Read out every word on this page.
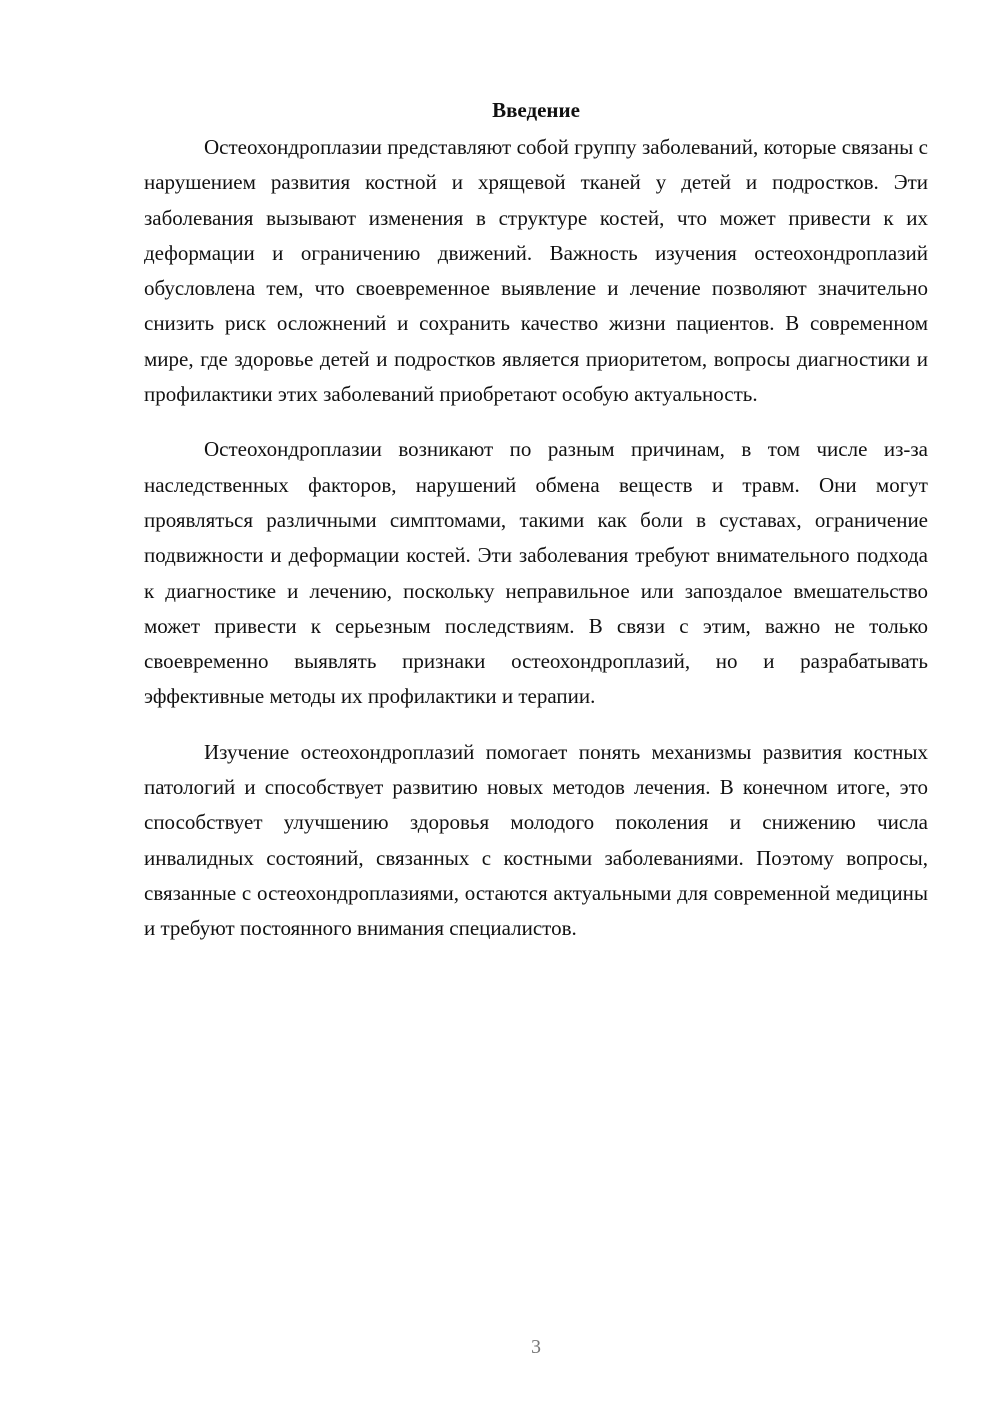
Введение

Остеохондроплазии представляют собой группу заболеваний, которые связаны с нарушением развития костной и хрящевой тканей у детей и подростков. Эти заболевания вызывают изменения в структуре костей, что может привести к их деформации и ограничению движений. Важность изучения остеохондроплазий обусловлена тем, что своевременное выявление и лечение позволяют значительно снизить риск осложнений и сохранить качество жизни пациентов. В современном мире, где здоровье детей и подростков является приоритетом, вопросы диагностики и профилактики этих заболеваний приобретают особую актуальность.

Остеохондроплазии возникают по разным причинам, в том числе из-за наследственных факторов, нарушений обмена веществ и травм. Они могут проявляться различными симптомами, такими как боли в суставах, ограничение подвижности и деформации костей. Эти заболевания требуют внимательного подхода к диагностике и лечению, поскольку неправильное или запоздалое вмешательство может привести к серьезным последствиям. В связи с этим, важно не только своевременно выявлять признаки остеохондроплазий, но и разрабатывать эффективные методы их профилактики и терапии.

Изучение остеохондроплазий помогает понять механизмы развития костных патологий и способствует развитию новых методов лечения. В конечном итоге, это способствует улучшению здоровья молодого поколения и снижению числа инвалидных состояний, связанных с костными заболеваниями. Поэтому вопросы, связанные с остеохондроплазиями, остаются актуальными для современной медицины и требуют постоянного внимания специалистов.

3
